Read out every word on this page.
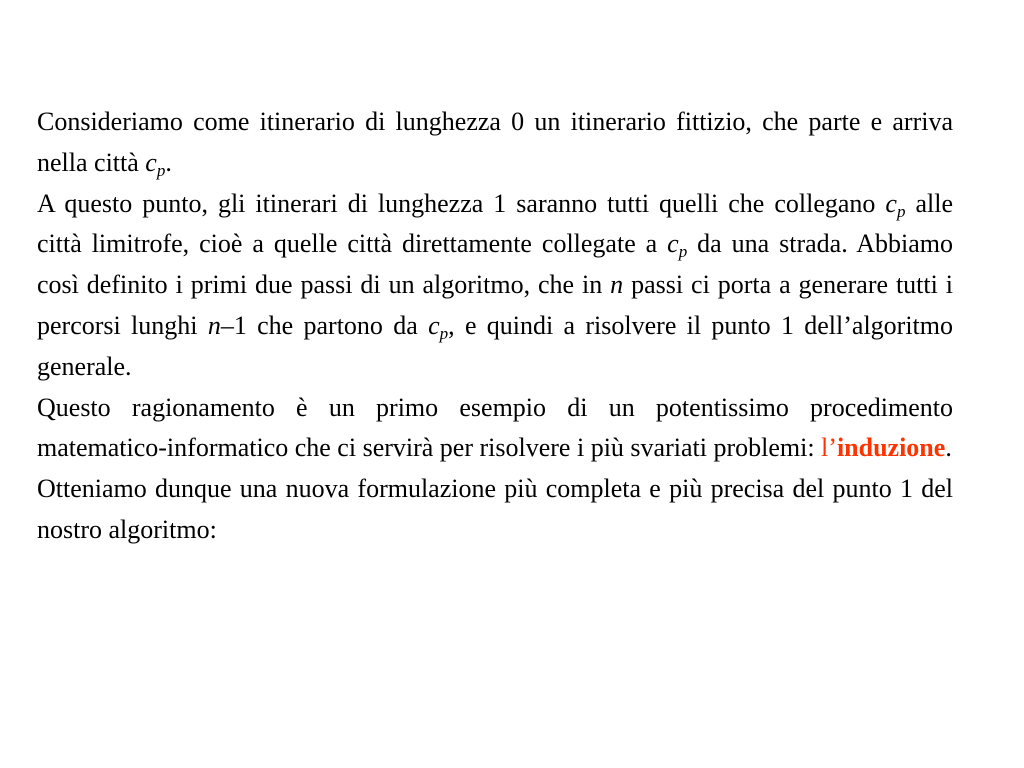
Consideriamo come itinerario di lunghezza 0 un itinerario fittizio, che parte e arriva nella città $c_p$.

A questo punto, gli itinerari di lunghezza 1 saranno tutti quelli che collegano $c_p$ alle città limitrofe, cioè a quelle città direttamente collegate a $c_p$ da una strada. Abbiamo così definito i primi due passi di un algoritmo, che in n passi ci porta a generare tutti i percorsi lunghi n–1 che partono da $c_p$, e quindi a risolvere il punto 1 dell’algoritmo generale.

Questo ragionamento è un primo esempio di un potentissimo procedimento matematico-informatico che ci servirà per risolvere i più svariati problemi: l’induzione.

Otteniamo dunque una nuova formulazione più completa e più precisa del punto 1 del nostro algoritmo:
